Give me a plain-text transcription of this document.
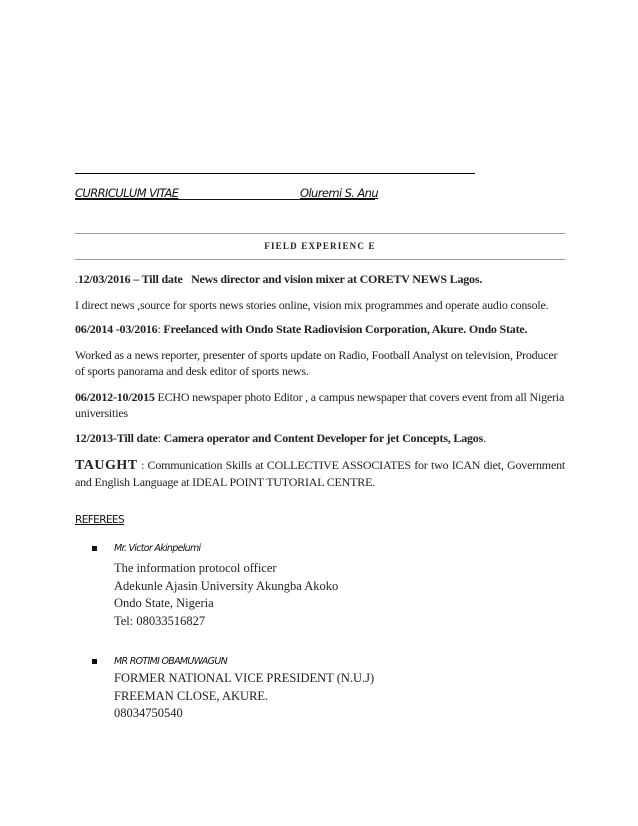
CURRICULUM VITAE	Oluremi S. Anu
FIELD EXPERIENC E
.12/03/2016 – Till date News director and vision mixer at CORETV NEWS Lagos.
I direct news ,source for sports news stories online, vision mix programmes and operate audio console.
06/2014 -03/2016: Freelanced with Ondo State Radiovision Corporation, Akure. Ondo State.
Worked as a news reporter, presenter of sports update on Radio, Football Analyst on television, Producer of sports panorama and desk editor of sports news.
06/2012-10/2015 ECHO newspaper photo Editor , a campus newspaper that covers event from all Nigeria universities
12/2013-Till date: Camera operator and Content Developer for jet Concepts, Lagos.
TAUGHT : Communication Skills at COLLECTIVE ASSOCIATES for two ICAN diet, Government and English Language at IDEAL POINT TUTORIAL CENTRE.
REFEREES
Mr. Victor Akinpelumi
The information protocol officer
Adekunle Ajasin University Akungba Akoko
Ondo State, Nigeria
Tel: 08033516827
MR ROTIMI OBAMUWAGUN
FORMER NATIONAL VICE PRESIDENT (N.U.J)
FREEMAN CLOSE, AKURE.
08034750540
